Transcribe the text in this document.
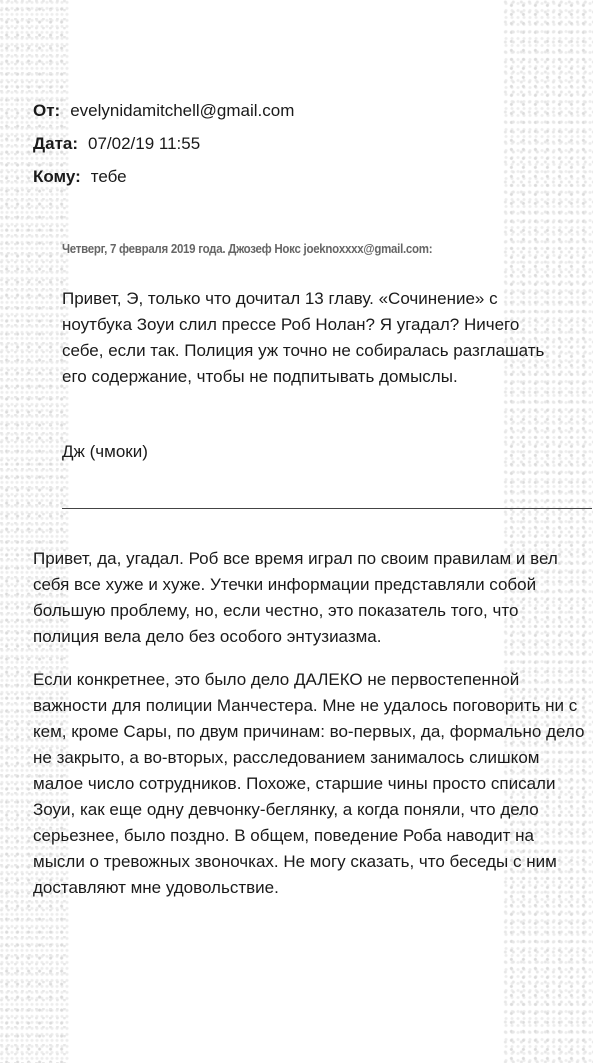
От: evelynidamitchell@gmail.com
Дата: 07/02/19 11:55
Кому: тебе
Четверг, 7 февраля 2019 года. Джозеф Нокс joeknoxxxx@gmail.com:
Привет, Э, только что дочитал 13 главу. «Сочинение» с ноутбука Зоуи слил прессе Роб Нолан? Я угадал? Ничего себе, если так. Полиция уж точно не собиралась разглашать его содержание, чтобы не подпитывать домыслы.
Дж (чмоки)

Привет, да, угадал. Роб все время играл по своим правилам и вел себя все хуже и хуже. Утечки информации представляли собой большую проблему, но, если честно, это показатель того, что полиция вела дело без особого энтузиазма.

Если конкретнее, это было дело ДАЛЕКО не первостепенной важности для полиции Манчестера. Мне не удалось поговорить ни с кем, кроме Сары, по двум причинам: во-первых, да, формально дело не закрыто, а во-вторых, расследованием занималось слишком малое число сотрудников. Похоже, старшие чины просто списали Зоуи, как еще одну девчонку-беглянку, а когда поняли, что дело серьезнее, было поздно. В общем, поведение Роба наводит на мысли о тревожных звоночках. Не могу сказать, что беседы с ним доставляют мне удовольствие.
